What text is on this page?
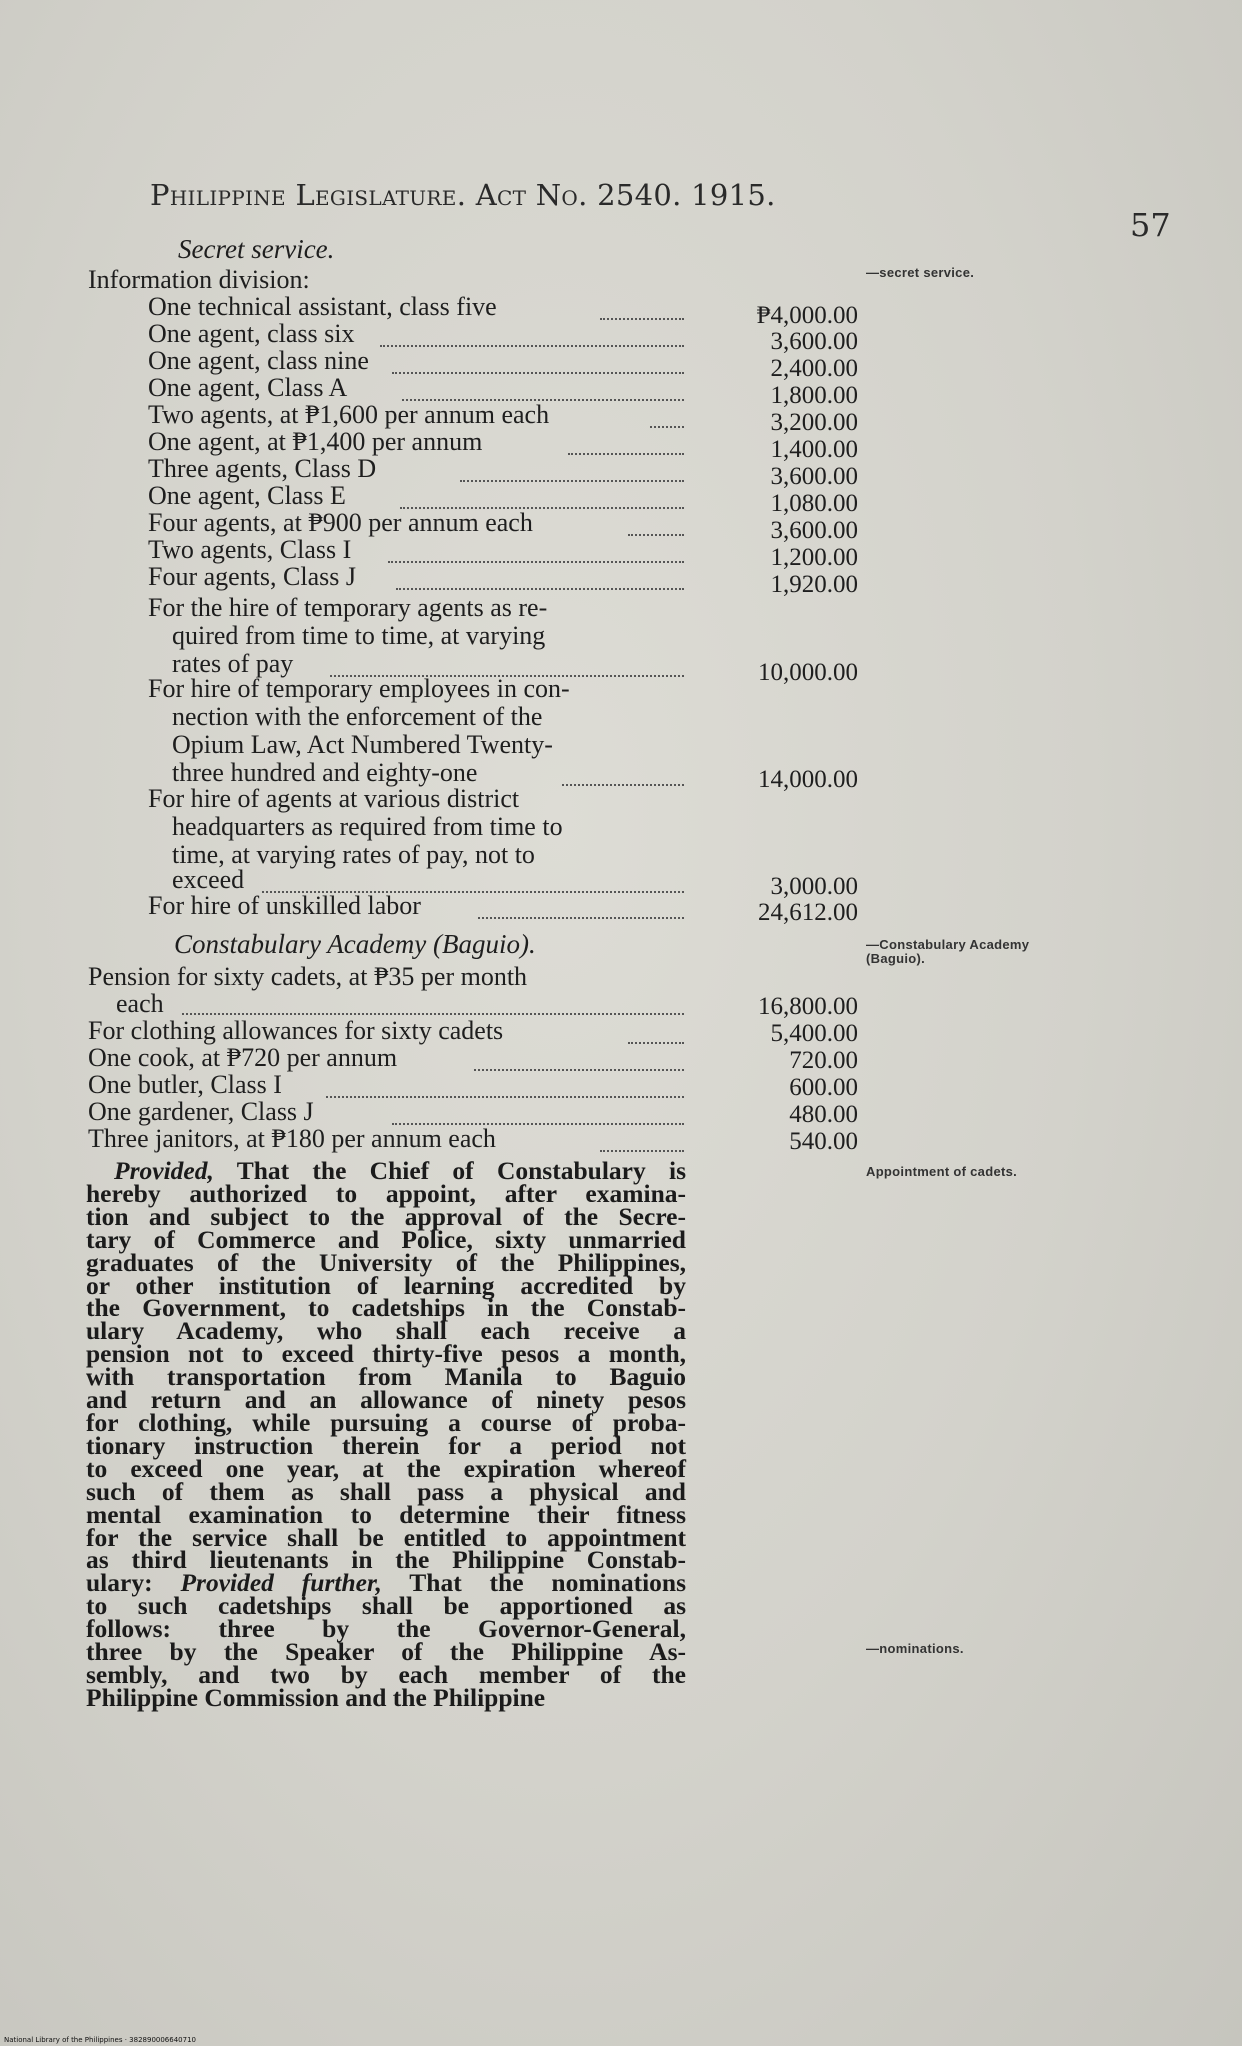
Philippine Legislature. Act No. 2540. 1915.
57
—secret service.
—Constabulary Academy (Baguio).
Appointment of cadets.
—nominations.
Secret service.
Information division:
One technical assistant, class five	₱4,000.00
One agent, class six	3,600.00
One agent, class nine	2,400.00
One agent, Class A	1,800.00
Two agents, at ₱1,600 per annum each	3,200.00
One agent, at ₱1,400 per annum	1,400.00
Three agents, Class D	3,600.00
One agent, Class E	1,080.00
Four agents, at ₱900 per annum each	3,600.00
Two agents, Class I	1,200.00
Four agents, Class J	1,920.00
For the hire of temporary agents as re-
quired from time to time, at varying
rates of pay	10,000.00
For hire of temporary employees in con-
nection with the enforcement of the
Opium Law, Act Numbered Twenty-
three hundred and eighty-one	14,000.00
For hire of agents at various district
headquarters as required from time to
time, at varying rates of pay, not to
exceed	3,000.00
For hire of unskilled labor	24,612.00
Constabulary Academy (Baguio).
Pension for sixty cadets, at ₱35 per month
each	16,800.00
For clothing allowances for sixty cadets	5,400.00
One cook, at ₱720 per annum	720.00
One butler, Class I	600.00
One gardener, Class J	480.00
Three janitors, at ₱180 per annum each	540.00
Provided, That the Chief of Constabulary is
hereby authorized to appoint, after examina-
tion and subject to the approval of the Secre-
tary of Commerce and Police, sixty unmarried
graduates of the University of the Philippines,
or other institution of learning accredited by
the Government, to cadetships in the Constab-
ulary Academy, who shall each receive a
pension not to exceed thirty-five pesos a month,
with transportation from Manila to Baguio
and return and an allowance of ninety pesos
for clothing, while pursuing a course of proba-
tionary instruction therein for a period not
to exceed one year, at the expiration whereof
such of them as shall pass a physical and
mental examination to determine their fitness
for the service shall be entitled to appointment
as third lieutenants in the Philippine Constab-
ulary: Provided further, That the nominations
to such cadetships shall be apportioned as
follows: three by the Governor-General,
three by the Speaker of the Philippine As-
sembly, and two by each member of the
Philippine Commission and the Philippine
National Library of the Philippines · 382890006640710
